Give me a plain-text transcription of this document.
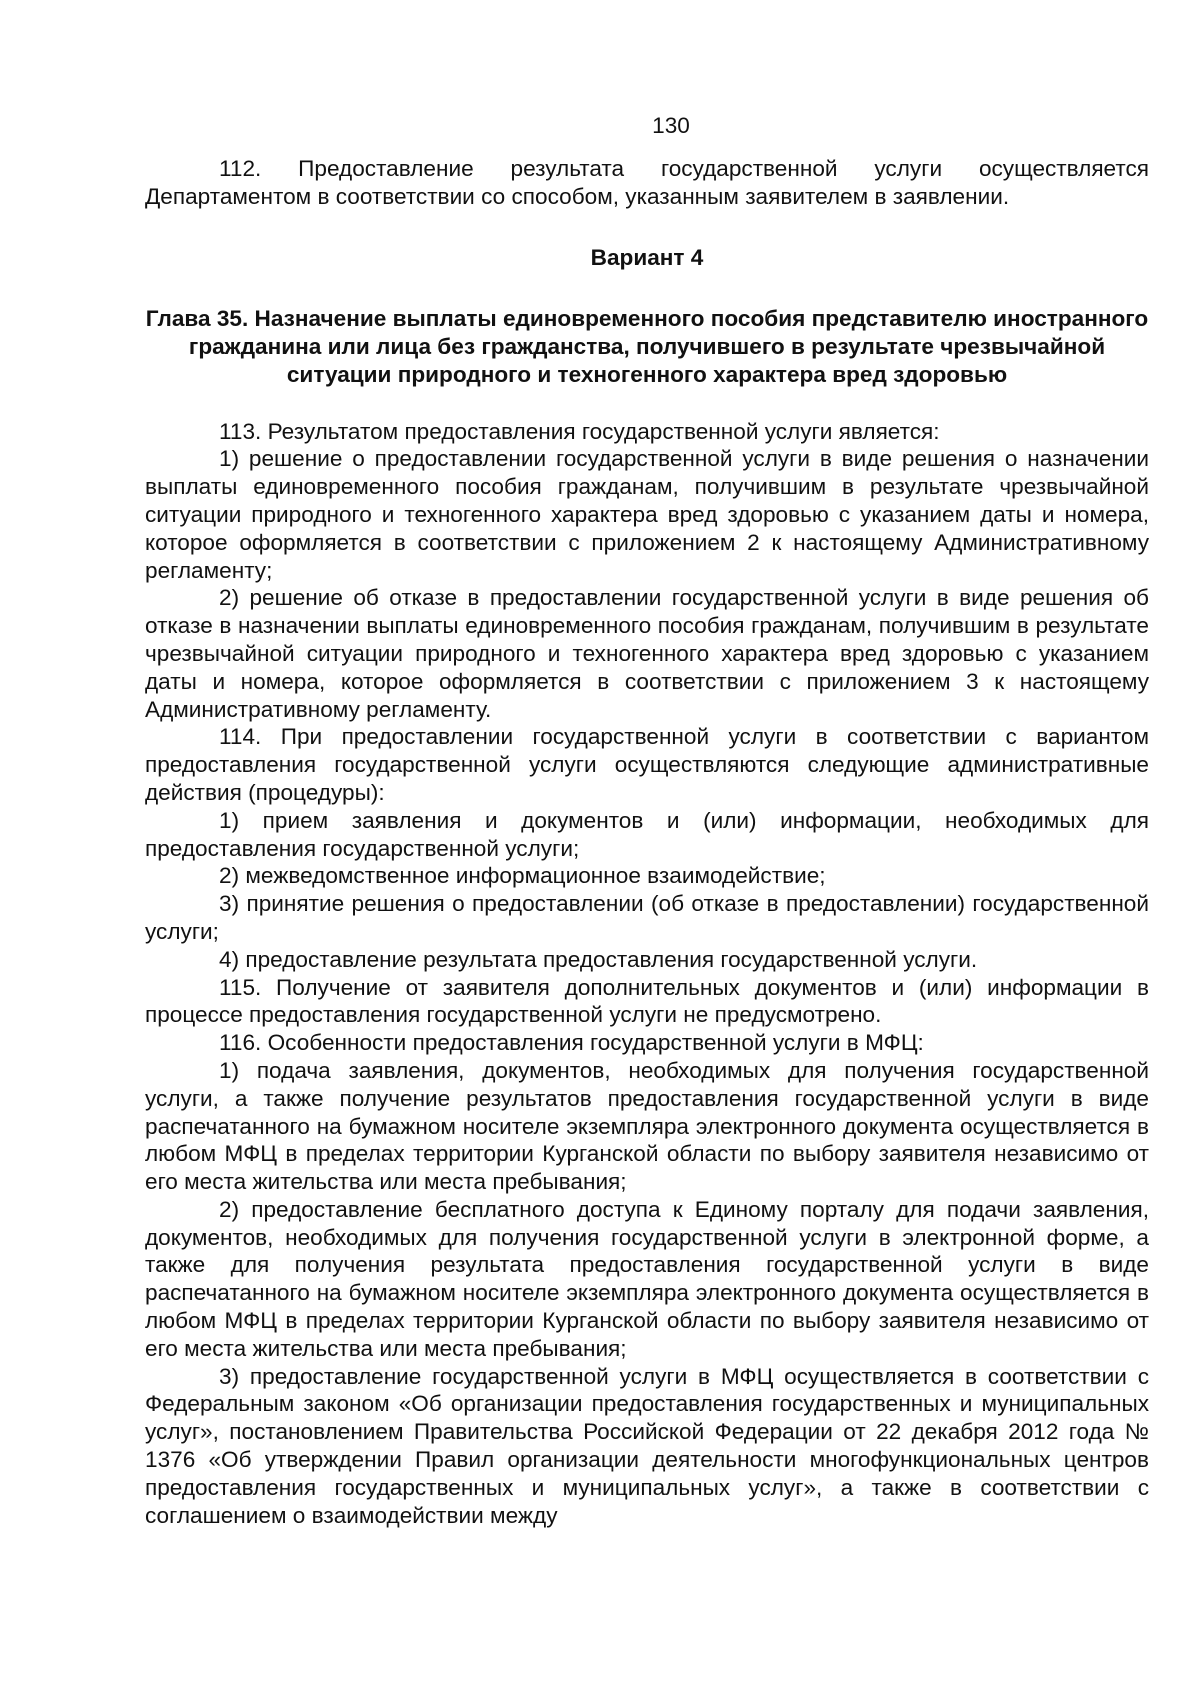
130

112. Предоставление результата государственной услуги осуществляется Департаментом в соответствии со способом, указанным заявителем в заявлении.

Вариант 4
Глава 35. Назначение выплаты единовременного пособия представителю иностранного гражданина или лица без гражданства, получившего в результате чрезвычайной ситуации природного и техногенного характера вред здоровью

113. Результатом предоставления государственной услуги является:

1) решение о предоставлении государственной услуги в виде решения о назначении выплаты единовременного пособия гражданам, получившим в результате чрезвычайной ситуации природного и техногенного характера вред здоровью с указанием даты и номера, которое оформляется в соответствии с приложением 2 к настоящему Административному регламенту;

2) решение об отказе в предоставлении государственной услуги в виде решения об отказе в назначении выплаты единовременного пособия гражданам, получившим в результате чрезвычайной ситуации природного и техногенного характера вред здоровью с указанием даты и номера, которое оформляется в соответствии с приложением 3 к настоящему Административному регламенту.

114. При предоставлении государственной услуги в соответствии с вариантом предоставления государственной услуги осуществляются следующие административные действия (процедуры):

1) прием заявления и документов и (или) информации, необходимых для предоставления государственной услуги;

2) межведомственное информационное взаимодействие;

3) принятие решения о предоставлении (об отказе в предоставлении) государственной услуги;

4) предоставление результата предоставления государственной услуги.

115. Получение от заявителя дополнительных документов и (или) информации в процессе предоставления государственной услуги не предусмотрено.

116. Особенности предоставления государственной услуги в МФЦ:

1) подача заявления, документов, необходимых для получения государственной услуги, а также получение результатов предоставления государственной услуги в виде распечатанного на бумажном носителе экземпляра электронного документа осуществляется в любом МФЦ в пределах территории Курганской области по выбору заявителя независимо от его места жительства или места пребывания;

2) предоставление бесплатного доступа к Единому порталу для подачи заявления, документов, необходимых для получения государственной услуги в электронной форме, а также для получения результата предоставления государственной услуги в виде распечатанного на бумажном носителе экземпляра электронного документа осуществляется в любом МФЦ в пределах территории Курганской области по выбору заявителя независимо от его места жительства или места пребывания;

3) предоставление государственной услуги в МФЦ осуществляется в соответствии с Федеральным законом «Об организации предоставления государственных и муниципальных услуг», постановлением Правительства Российской Федерации от 22 декабря 2012 года № 1376 «Об утверждении Правил организации деятельности многофункциональных центров предоставления государственных и муниципальных услуг», а также в соответствии с соглашением о взаимодействии между
